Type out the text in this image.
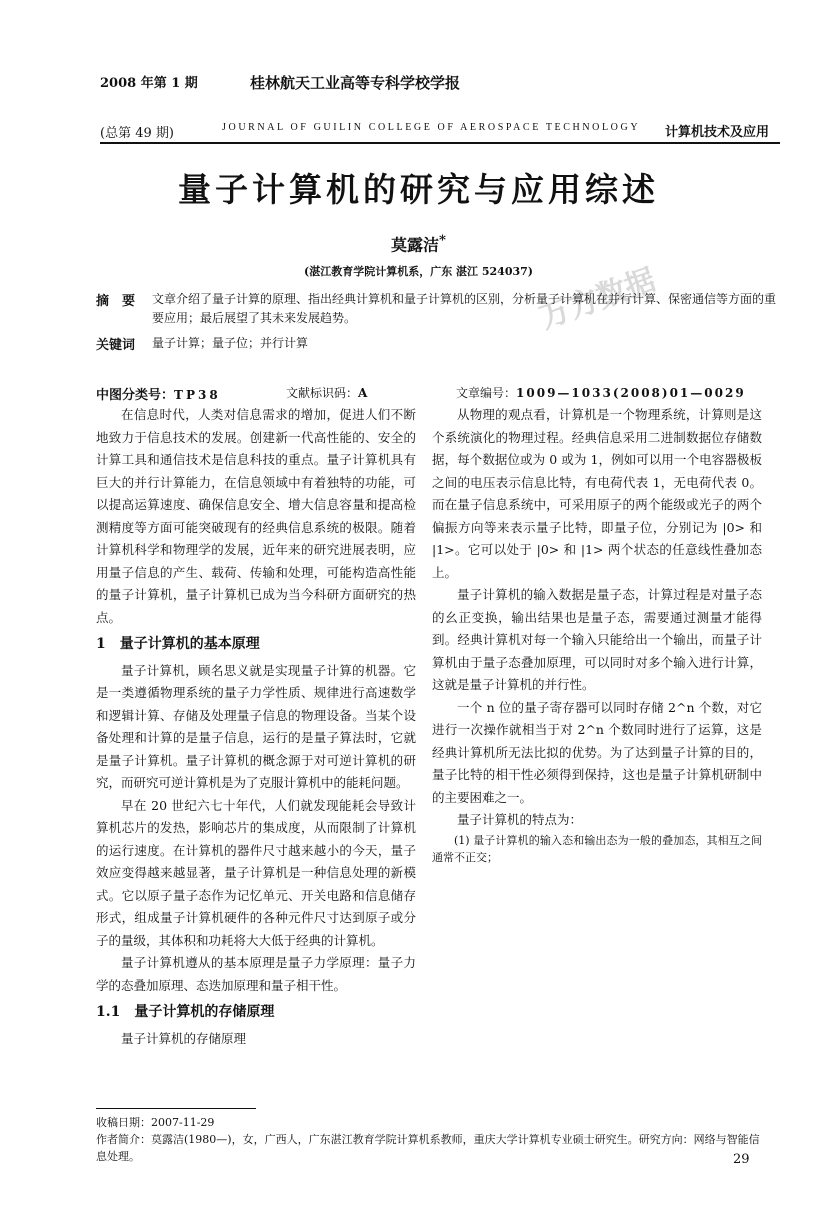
2008 年第 1 期	桂林航天工业高等专科学校学报
(总第 49 期)	JOURNAL OF GUILIN COLLEGE OF AEROSPACE TECHNOLOGY 计算机技术及应用
量子计算机的研究与应用综述
莫露洁*
(湛江教育学院计算机系，广东 湛江 524037) 万方数据
摘　要	文章介绍了量子计算的原理、指出经典计算机和量子计算机的区别，分析量子计算机在并行计算、保密通信等方面的重要应用；最后展望了其未来发展趋势。
关键词	量子计算；量子位；并行计算
中图分类号：TP38	文献标识码：A	文章编号：1009—1033(2008)01—0029

在信息时代，人类对信息需求的增加，促进人们不断地致力于信息技术的发展。创建新一代高性能的、安全的计算工具和通信技术是信息科技的重点。量子计算机具有巨大的并行计算能力，在信息领域中有着独特的功能，可以提高运算速度、确保信息安全、增大信息容量和提高检测精度等方面可能突破现有的经典信息系统的极限。随着计算机科学和物理学的发展，近年来的研究进展表明，应用量子信息的产生、载荷、传输和处理，可能构造高性能的量子计算机，量子计算机已成为当今科研方面研究的热点。

1　量子计算机的基本原理

量子计算机，顾名思义就是实现量子计算的机器。它是一类遵循物理系统的量子力学性质、规律进行高速数学和逻辑计算、存储及处理量子信息的物理设备。当某个设备处理和计算的是量子信息，运行的是量子算法时，它就是量子计算机。量子计算机的概念源于对可逆计算机的研究，而研究可逆计算机是为了克服计算机中的能耗问题。

早在 20 世纪六七十年代，人们就发现能耗会导致计算机芯片的发热，影响芯片的集成度，从而限制了计算机的运行速度。在计算机的器件尺寸越来越小的今天，量子效应变得越来越显著，量子计算机是一种信息处理的新模式。它以原子量子态作为记忆单元、开关电路和信息储存形式，组成量子计算机硬件的各种元件尺寸达到原子或分子的量级，其体积和功耗将大大低于经典的计算机。

量子计算机遵从的基本原理是量子力学原理：量子力学的态叠加原理、态迭加原理和量子相干性。

1.1　量子计算机的存储原理

量子计算机的存储原理

从物理的观点看，计算机是一个物理系统，计算则是这个系统演化的物理过程。经典信息采用二进制数据位存储数据，每个数据位或为 0 或为 1，例如可以用一个电容器极板之间的电压表示信息比特，有电荷代表 1，无电荷代表 0。而在量子信息系统中，可采用原子的两个能级或光子的两个偏振方向等来表示量子比特，即量子位，分别记为 |0> 和 |1>。它可以处于 |0> 和 |1> 两个状态的任意线性叠加态上。

量子计算机的输入数据是量子态，计算过程是对量子态的幺正变换，输出结果也是量子态，需要通过测量才能得到。经典计算机对每一个输入只能给出一个输出，而量子计算机由于量子态叠加原理，可以同时对多个输入进行计算，这就是量子计算机的并行性。

一个 n 位的量子寄存器可以同时存储 2^n 个数，对它进行一次操作就相当于对 2^n 个数同时进行了运算，这是经典计算机所无法比拟的优势。为了达到量子计算的目的，量子比特的相干性必须得到保持，这也是量子计算机研制中的主要困难之一。

量子计算机的特点为：

(1) 量子计算机的输入态和输出态为一般的叠加态，其相互之间通常不正交；

收稿日期：2007-11-29
作者简介：莫露洁(1980—)，女，广西人，广东湛江教育学院计算机系教师，重庆大学计算机专业硕士研究生。研究方向：网络与智能信息处理。	29
